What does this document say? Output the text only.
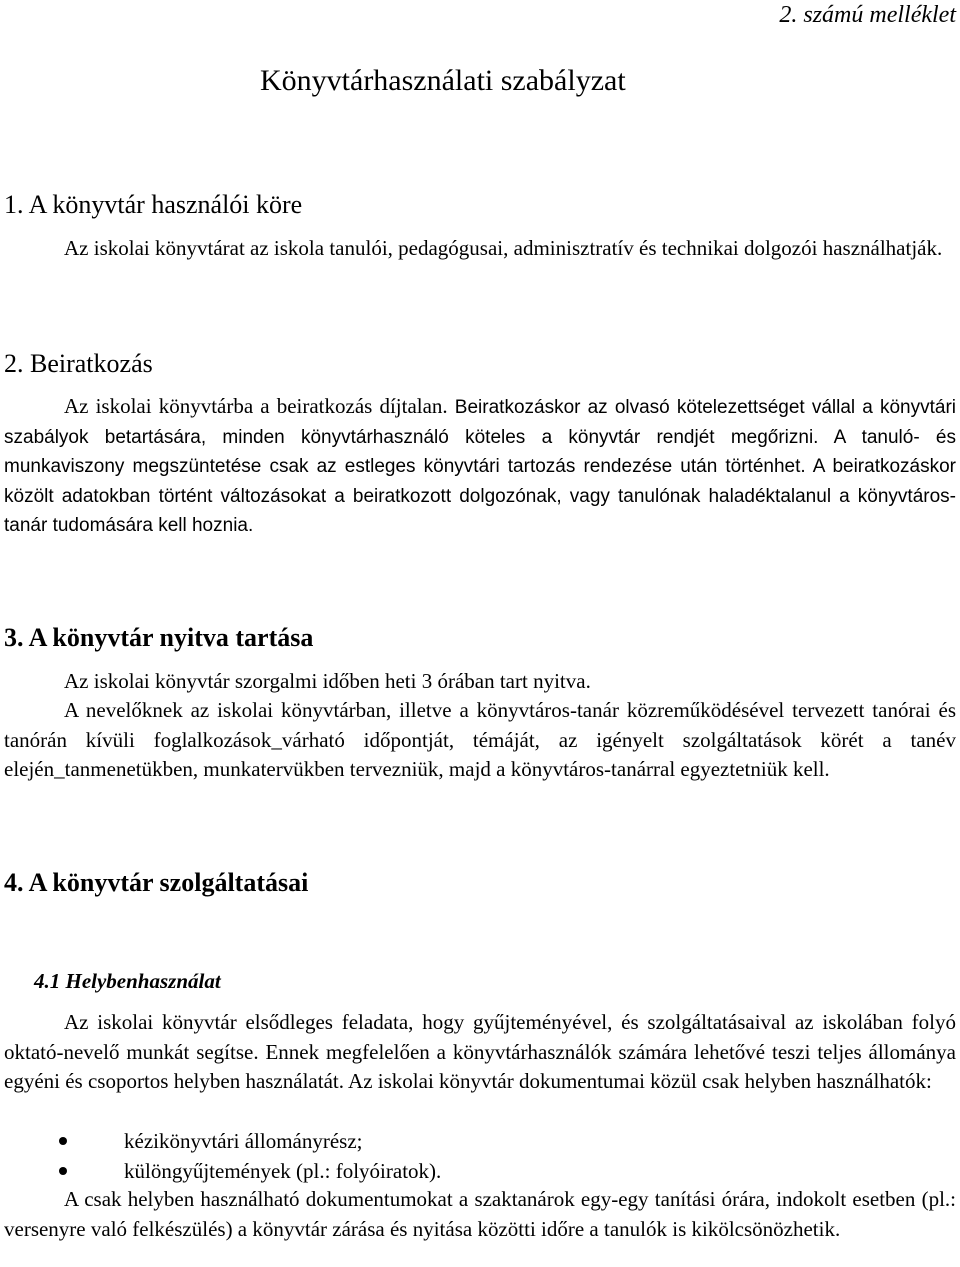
2. számú melléklet
Könyvtárhasználati szabályzat
1. A könyvtár használói köre

Az iskolai könyvtárat az iskola tanulói, pedagógusai, adminisztratív és technikai dolgozói használhatják.

2. Beiratkozás

Az iskolai könyvtárba a beiratkozás díjtalan. Beiratkozáskor az olvasó kötelezettséget vállal a könyvtári szabályok betartására, minden könyvtárhasználó köteles a könyvtár rendjét megőrizni. A tanuló- és munkaviszony megszüntetése csak az estleges könyvtári tartozás rendezése után történhet. A beiratkozáskor közölt adatokban történt változásokat a beiratkozott dolgozónak, vagy tanulónak haladéktalanul a könyvtáros-tanár tudomására kell hoznia.

3. A könyvtár nyitva tartása

Az iskolai könyvtár szorgalmi időben heti 3 órában tart nyitva.

A nevelőknek az iskolai könyvtárban, illetve a könyvtáros-tanár közreműködésével tervezett tanórai és tanórán kívüli foglalkozások_várható időpontját, témáját, az igényelt szolgáltatások körét a tanév elején_tanmenetükben, munkatervükben tervezniük, majd a könyvtáros-tanárral egyeztetniük kell.

4. A könyvtár szolgáltatásai
4.1 Helybenhasználat

Az iskolai könyvtár elsődleges feladata, hogy gyűjteményével, és szolgáltatásaival az iskolában folyó oktató-nevelő munkát segítse. Ennek megfelelően a könyvtárhasználók számára lehetővé teszi teljes állománya egyéni és csoportos helyben használatát. Az iskolai könyvtár dokumentumai közül csak helyben használhatók:

kézikönyvtári állományrész;
különgyűjtemények (pl.: folyóiratok).

A csak helyben használható dokumentumokat a szaktanárok egy-egy tanítási órára, indokolt esetben (pl.: versenyre való felkészülés) a könyvtár zárása és nyitása közötti időre a tanulók is kikölcsönözhetik.
